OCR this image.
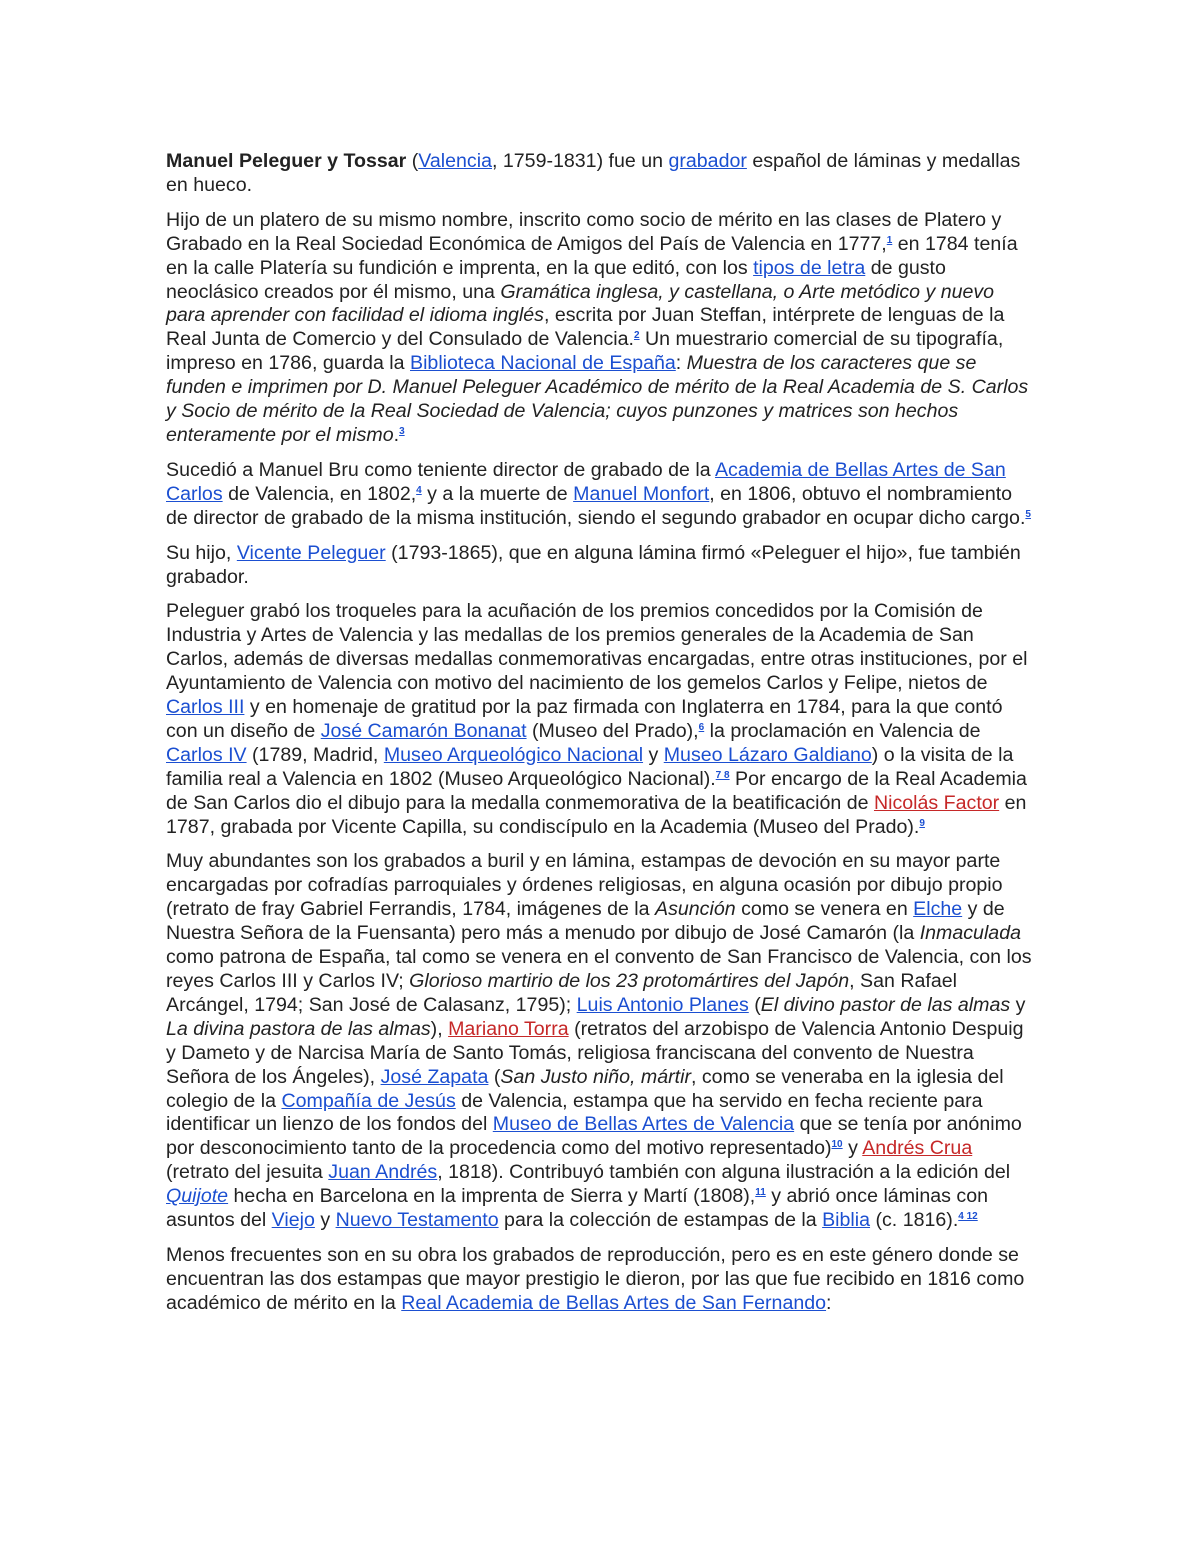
Manuel Peleguer y Tossar (Valencia, 1759-1831) fue un grabador español de láminas y medallas en hueco.

Hijo de un platero de su mismo nombre, inscrito como socio de mérito en las clases de Platero y Grabado en la Real Sociedad Económica de Amigos del País de Valencia en 1777,$^1$ en 1784 tenía en la calle Platería su fundición e imprenta, en la que editó, con los tipos de letra de gusto neoclásico creados por él mismo, una Gramática inglesa, y castellana, o Arte metódico y nuevo para aprender con facilidad el idioma inglés, escrita por Juan Steffan, intérprete de lenguas de la Real Junta de Comercio y del Consulado de Valencia.$^2$ Un muestrario comercial de su tipografía, impreso en 1786, guarda la Biblioteca Nacional de España: Muestra de los caracteres que se funden e imprimen por D. Manuel Peleguer Académico de mérito de la Real Academia de S. Carlos y Socio de mérito de la Real Sociedad de Valencia; cuyos punzones y matrices son hechos enteramente por el mismo.$^3$

Sucedió a Manuel Bru como teniente director de grabado de la Academia de Bellas Artes de San Carlos de Valencia, en 1802,$^4$ y a la muerte de Manuel Monfort, en 1806, obtuvo el nombramiento de director de grabado de la misma institución, siendo el segundo grabador en ocupar dicho cargo.$^5$

Su hijo, Vicente Peleguer (1793-1865), que en alguna lámina firmó «Peleguer el hijo», fue también grabador.

Peleguer grabó los troqueles para la acuñación de los premios concedidos por la Comisión de Industria y Artes de Valencia y las medallas de los premios generales de la Academia de San Carlos, además de diversas medallas conmemorativas encargadas, entre otras instituciones, por el Ayuntamiento de Valencia con motivo del nacimiento de los gemelos Carlos y Felipe, nietos de Carlos III y en homenaje de gratitud por la paz firmada con Inglaterra en 1784, para la que contó con un diseño de José Camarón Bonanat (Museo del Prado),$^6$ la proclamación en Valencia de Carlos IV (1789, Madrid, Museo Arqueológico Nacional y Museo Lázaro Galdiano) o la visita de la familia real a Valencia en 1802 (Museo Arqueológico Nacional).$^{7 8}$ Por encargo de la Real Academia de San Carlos dio el dibujo para la medalla conmemorativa de la beatificación de Nicolás Factor en 1787, grabada por Vicente Capilla, su condiscípulo en la Academia (Museo del Prado).$^9$

Muy abundantes son los grabados a buril y en lámina, estampas de devoción en su mayor parte encargadas por cofradías parroquiales y órdenes religiosas, en alguna ocasión por dibujo propio (retrato de fray Gabriel Ferrandis, 1784, imágenes de la Asunción como se venera en Elche y de Nuestra Señora de la Fuensanta) pero más a menudo por dibujo de José Camarón (la Inmaculada como patrona de España, tal como se venera en el convento de San Francisco de Valencia, con los reyes Carlos III y Carlos IV; Glorioso martirio de los 23 protomártires del Japón, San Rafael Arcángel, 1794; San José de Calasanz, 1795); Luis Antonio Planes (El divino pastor de las almas y La divina pastora de las almas), Mariano Torra (retratos del arzobispo de Valencia Antonio Despuig y Dameto y de Narcisa María de Santo Tomás, religiosa franciscana del convento de Nuestra Señora de los Ángeles), José Zapata (San Justo niño, mártir, como se veneraba en la iglesia del colegio de la Compañía de Jesús de Valencia, estampa que ha servido en fecha reciente para identificar un lienzo de los fondos del Museo de Bellas Artes de Valencia que se tenía por anónimo por desconocimiento tanto de la procedencia como del motivo representado)$^{10}$ y Andrés Crua (retrato del jesuita Juan Andrés, 1818). Contribuyó también con alguna ilustración a la edición del Quijote hecha en Barcelona en la imprenta de Sierra y Martí (1808),$^{11}$ y abrió once láminas con asuntos del Viejo y Nuevo Testamento para la colección de estampas de la Biblia (c. 1816).$^{4 12}$

Menos frecuentes son en su obra los grabados de reproducción, pero es en este género donde se encuentran las dos estampas que mayor prestigio le dieron, por las que fue recibido en 1816 como académico de mérito en la Real Academia de Bellas Artes de San Fernando:
